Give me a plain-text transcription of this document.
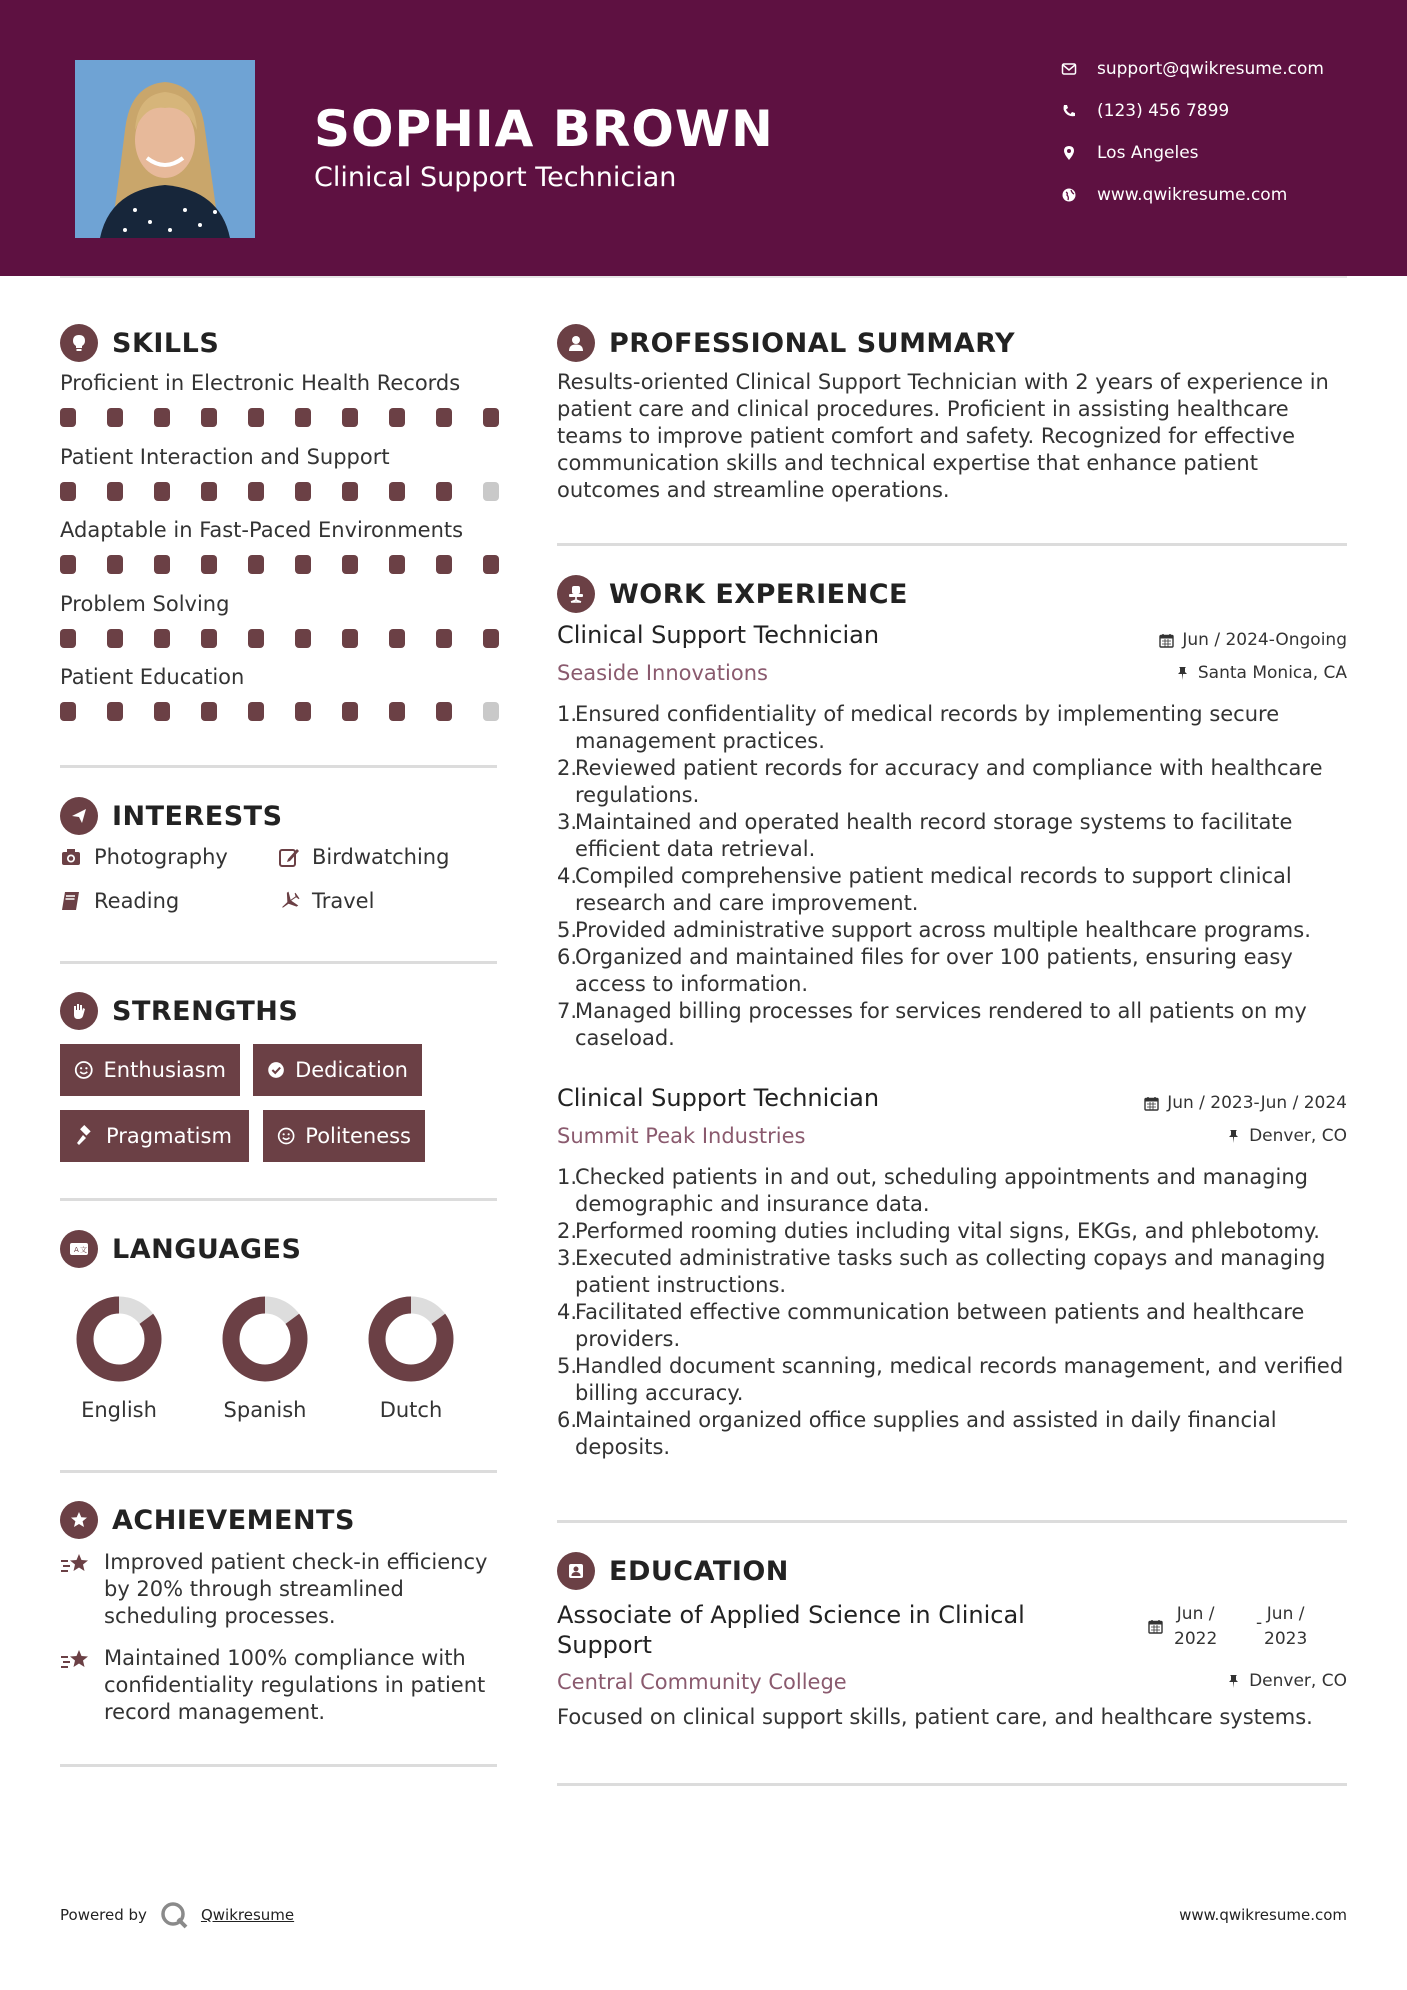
SOPHIA BROWN
Clinical Support Technician
support@qwikresume.com
(123) 456 7899
Los Angeles
www.qwikresume.com
SKILLS
Proficient in Electronic Health Records
Patient Interaction and Support
Adaptable in Fast-Paced Environments
Problem Solving
Patient Education
INTERESTS
Photography	Birdwatching
Reading	Travel
STRENGTHS
Enthusiasm	Dedication
Pragmatism	Politeness
A 文 LANGUAGES
English	Spanish	Dutch
ACHIEVEMENTS
Improved patient check-in efficiency by 20% through streamlined scheduling processes.
Maintained 100% compliance with confidentiality regulations in patient record management.
PROFESSIONAL SUMMARY
Results-oriented Clinical Support Technician with 2 years of experience in patient care and clinical procedures. Proficient in assisting healthcare teams to improve patient comfort and safety. Recognized for effective communication skills and technical expertise that enhance patient outcomes and streamline operations.
WORK EXPERIENCE
Clinical Support Technician	Jun / 2024-Ongoing
Seaside Innovations	Santa Monica, CA
1.
Ensured confidentiality of medical records by implementing secure management practices.
2.
Reviewed patient records for accuracy and compliance with healthcare regulations.
3.
Maintained and operated health record storage systems to facilitate efficient data retrieval.
4.
Compiled comprehensive patient medical records to support clinical research and care improvement.
5.
Provided administrative support across multiple healthcare programs.
6.
Organized and maintained files for over 100 patients, ensuring easy access to information.
7.
Managed billing processes for services rendered to all patients on my caseload.
Clinical Support Technician	Jun / 2023-Jun / 2024
Summit Peak Industries	Denver, CO
1.
Checked patients in and out, scheduling appointments and managing demographic and insurance data.
2.
Performed rooming duties including vital signs, EKGs, and phlebotomy.
3.
Executed administrative tasks such as collecting copays and managing patient instructions.
4.
Facilitated effective communication between patients and healthcare providers.
5.
Handled document scanning, medical records management, and verified billing accuracy.
6.
Maintained organized office supplies and assisted in daily financial deposits.
EDUCATION
Associate of Applied Science in Clinical
Support
Jun /
2022
- Jun /
2023
Central Community College	Denver, CO
Focused on clinical support skills, patient care, and healthcare systems.
Powered by	Qwikresume	www.qwikresume.com
